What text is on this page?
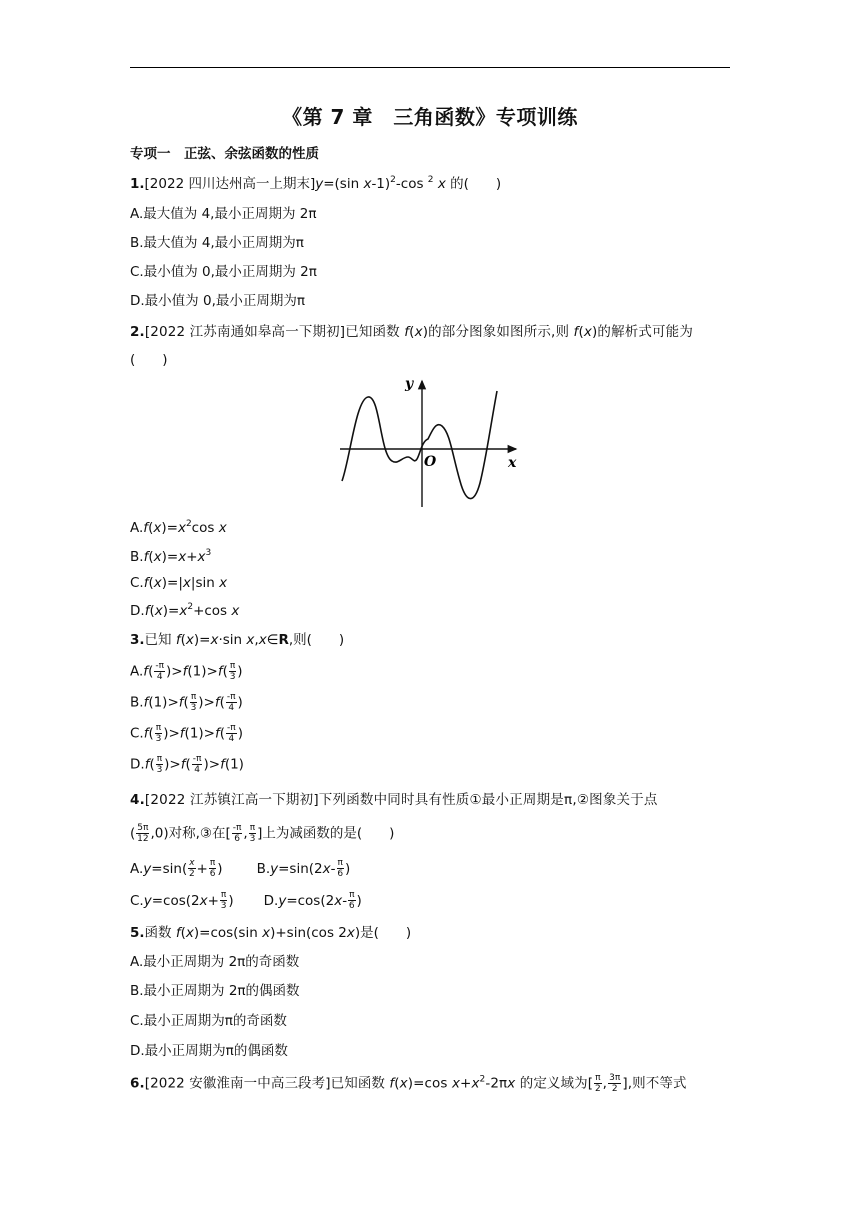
《第 7 章　三角函数》专项训练
专项一　正弦、余弦函数的性质
1.[2022 四川达州高一上期末]y=(sin x-1)$^2$-cos $^2$ x 的(　　)
A.最大值为 4,最小正周期为 2π
B.最大值为 4,最小正周期为π
C.最小值为 0,最小正周期为 2π
D.最小值为 0,最小正周期为π
2.[2022 江苏南通如皋高一下期初]已知函数 f(x)的部分图象如图所示,则 f(x)的解析式可能为
(　　)
y
O	x
$A.f(x)=x^2\cos$ x
$B.f(x)=x+x^3$
C.f(x)=|x|sin x
$D.f(x)=x^2+\cos$ x
3.已知 f(x)=x·sin x,x∈R,则(　　)
$A.f( \frac{-\pi}{4} )>f(1)>f( \frac{\pi}{3}$ )
$B.f(1)>f( \frac{\pi}{3} )>f( \frac{-\pi}{4}$ )
$C.f( \frac{\pi}{3} )>f(1)>f( \frac{-\pi}{4}$ )
$D.f( \frac{\pi}{3} )>f( \frac{-\pi}{4} )>f(1)$
4.[2022 江苏镇江高一下期初]下列函数中同时具有性质①最小正周期是π,②图象关于点
( $\frac{5\pi}{12} ,0$)对称,③在[ $\frac{-\pi}{6}$ , $\frac{\pi}{3}$ ]上为减函数的是(　　)
$A.y=\sin( \frac{x}{2} + \frac{\pi}{6}$ )	$B.y=\sin(2x- \frac{\pi}{6}$ )
$C.y=\cos(2x+ \frac{\pi}{3}$ ) $D.y=\cos(2x- \frac{\pi}{6}$ )
5.函数 f(x)=cos(sin x)+sin(cos 2x)是(　　)
A.最小正周期为 2π的奇函数
B.最小正周期为 2π的偶函数
C.最小正周期为π的奇函数
D.最小正周期为π的偶函数
6.[2022 安徽淮南一中高三段考]已知函数 f(x)=cos $x+x^2-2\pi x$ 的定义域为[ $\frac{\pi}{2}$ , $\frac{3\pi}{2}$ ],则不等式
